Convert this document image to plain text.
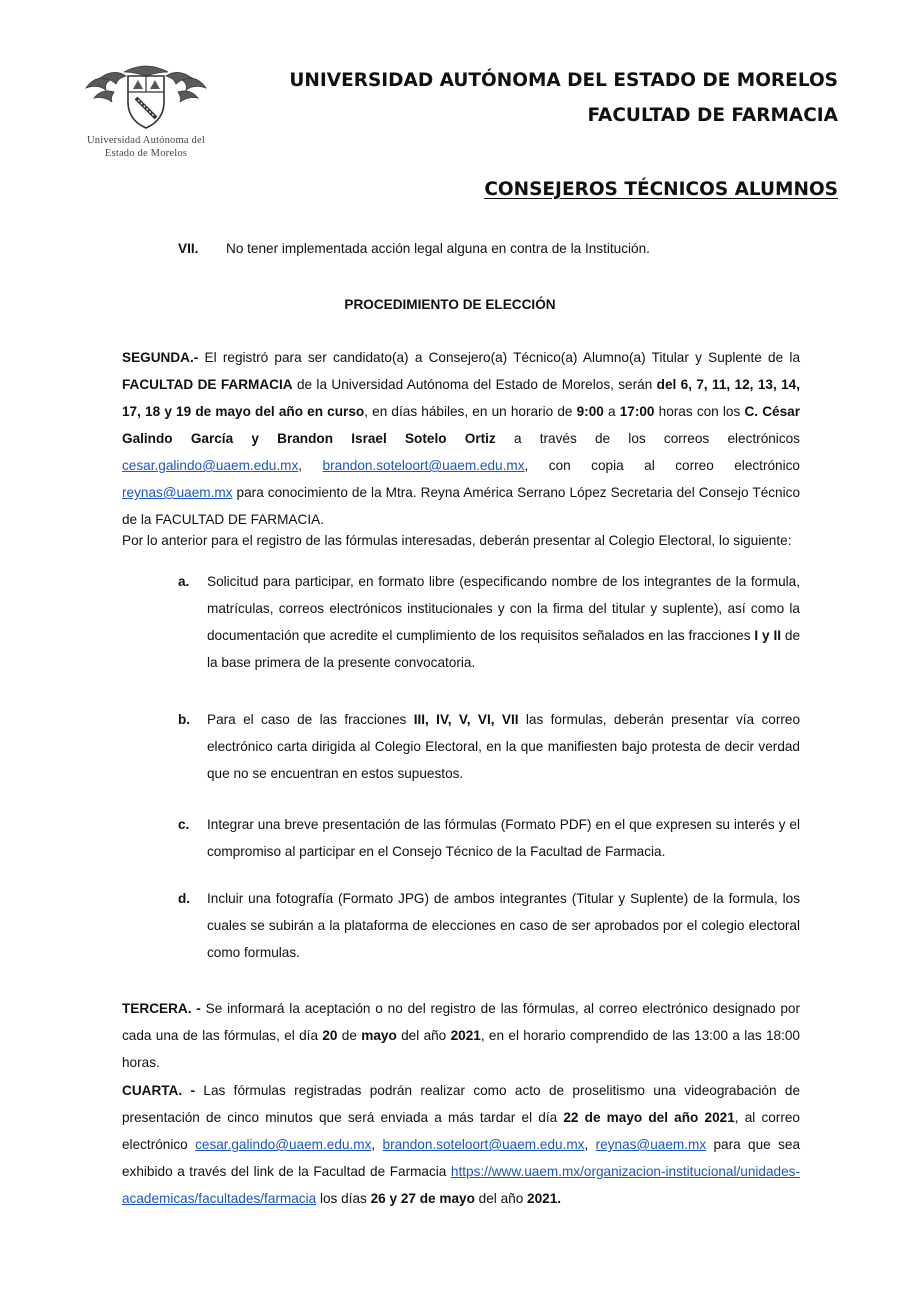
Universidad Autónoma del
Estado de Morelos
UNIVERSIDAD AUTÓNOMA DEL ESTADO DE MORELOS
FACULTAD DE FARMACIA
CONSEJEROS TÉCNICOS ALUMNOS
VII.	No tener implementada acción legal alguna en contra de la Institución.
PROCEDIMIENTO DE ELECCIÓN
SEGUNDA.- El registró para ser candidato(a) a Consejero(a) Técnico(a) Alumno(a) Titular y Suplente de la FACULTAD DE FARMACIA de la Universidad Autónoma del Estado de Morelos, serán del 6, 7, 11, 12, 13, 14, 17, 18 y 19 de mayo del año en curso, en días hábiles, en un horario de 9:00 a 17:00 horas con los C. César Galindo García y Brandon Israel Sotelo Ortiz a través de los correos electrónicos cesar.galindo@uaem.edu.mx, brandon.soteloort@uaem.edu.mx, con copia al correo electrónico reynas@uaem.mx para conocimiento de la Mtra. Reyna América Serrano López Secretaria del Consejo Técnico de la FACULTAD DE FARMACIA.
Por lo anterior para el registro de las fórmulas interesadas, deberán presentar al Colegio Electoral, lo siguiente:
a.	Solicitud para participar, en formato libre (especificando nombre de los integrantes de la formula, matrículas, correos electrónicos institucionales y con la firma del titular y suplente), así como la documentación que acredite el cumplimiento de los requisitos señalados en las fracciones I y II de la base primera de la presente convocatoria.
b.	Para el caso de las fracciones III, IV, V, VI, VII las formulas, deberán presentar vía correo electrónico carta dirigida al Colegio Electoral, en la que manifiesten bajo protesta de decir verdad que no se encuentran en estos supuestos.
c.	Integrar una breve presentación de las fórmulas (Formato PDF) en el que expresen su interés y el compromiso al participar en el Consejo Técnico de la Facultad de Farmacia.
d.	Incluir una fotografía (Formato JPG) de ambos integrantes (Titular y Suplente) de la formula, los cuales se subirán a la plataforma de elecciones en caso de ser aprobados por el colegio electoral como formulas.
TERCERA. - Se informará la aceptación o no del registro de las fórmulas, al correo electrónico designado por cada una de las fórmulas, el día 20 de mayo del año 2021, en el horario comprendido de las 13:00 a las 18:00 horas.
CUARTA. - Las fórmulas registradas podrán realizar como acto de proselitismo una videograbación de presentación de cinco minutos que será enviada a más tardar el día 22 de mayo del año 2021, al correo electrónico cesar.galindo@uaem.edu.mx, brandon.soteloort@uaem.edu.mx, reynas@uaem.mx para que sea exhibido a través del link de la Facultad de Farmacia https://www.uaem.mx/organizacion-institucional/unidades-academicas/facultades/farmacia los días 26 y 27 de mayo del año 2021.
